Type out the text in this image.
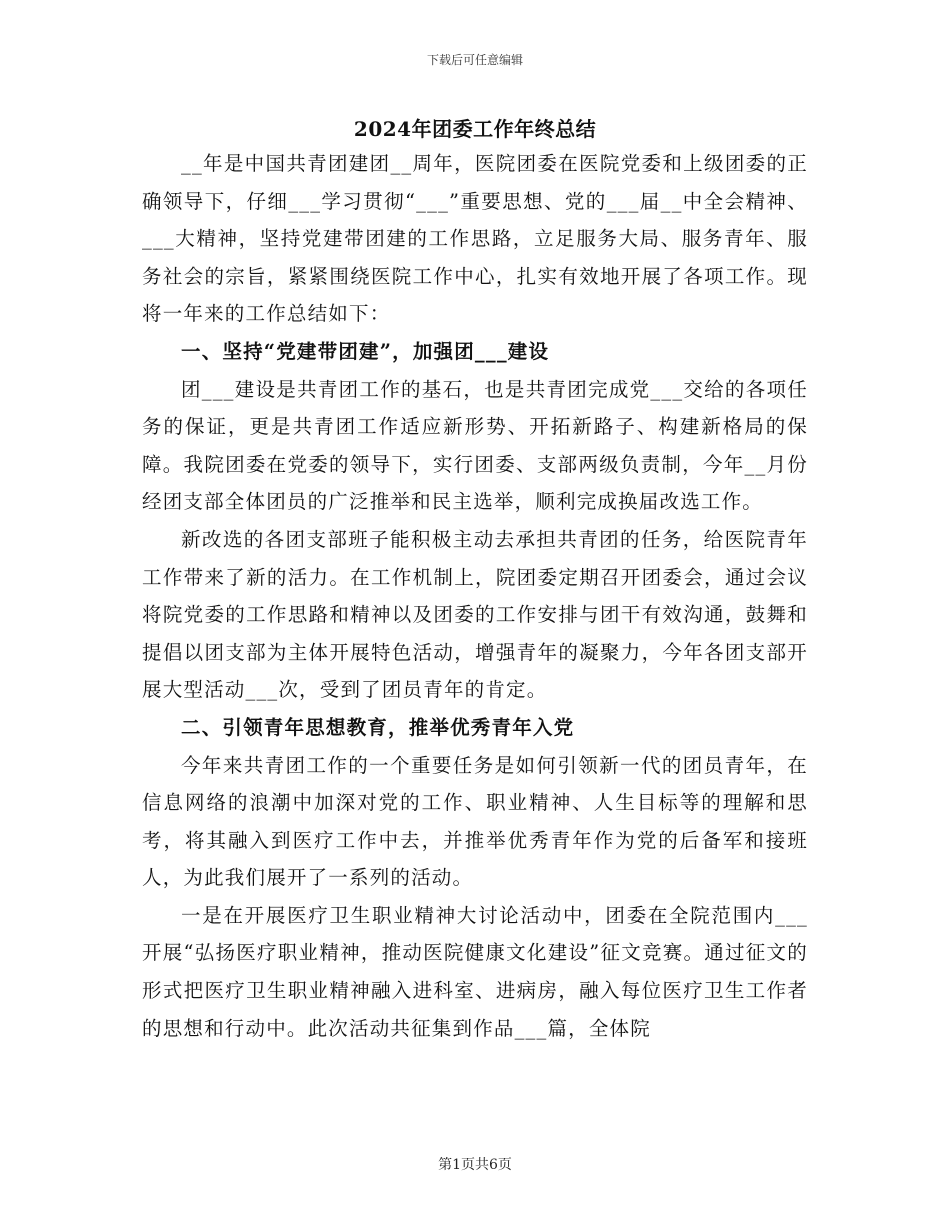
下载后可任意编辑
2024年团委工作年终总结

__年是中国共青团建团__周年，医院团委在医院党委和上级团委的正确领导下，仔细___学习贯彻“___”重要思想、党的___届__中全会精神、___大精神，坚持党建带团建的工作思路，立足服务大局、服务青年、服务社会的宗旨，紧紧围绕医院工作中心，扎实有效地开展了各项工作。现将一年来的工作总结如下：

一、坚持“党建带团建”，加强团___建设

团___建设是共青团工作的基石，也是共青团完成党___交给的各项任务的保证，更是共青团工作适应新形势、开拓新路子、构建新格局的保障。我院团委在党委的领导下，实行团委、支部两级负责制，今年__月份经团支部全体团员的广泛推举和民主选举，顺利完成换届改选工作。

新改选的各团支部班子能积极主动去承担共青团的任务，给医院青年工作带来了新的活力。在工作机制上，院团委定期召开团委会，通过会议将院党委的工作思路和精神以及团委的工作安排与团干有效沟通，鼓舞和提倡以团支部为主体开展特色活动，增强青年的凝聚力，今年各团支部开展大型活动___次，受到了团员青年的肯定。

二、引领青年思想教育，推举优秀青年入党

今年来共青团工作的一个重要任务是如何引领新一代的团员青年，在信息网络的浪潮中加深对党的工作、职业精神、人生目标等的理解和思考，将其融入到医疗工作中去，并推举优秀青年作为党的后备军和接班人，为此我们展开了一系列的活动。

一是在开展医疗卫生职业精神大讨论活动中，团委在全院范围内___开展“弘扬医疗职业精神，推动医院健康文化建设”征文竞赛。通过征文的形式把医疗卫生职业精神融入进科室、进病房，融入每位医疗卫生工作者的思想和行动中。此次活动共征集到作品___篇，全体院

第1页共6页
